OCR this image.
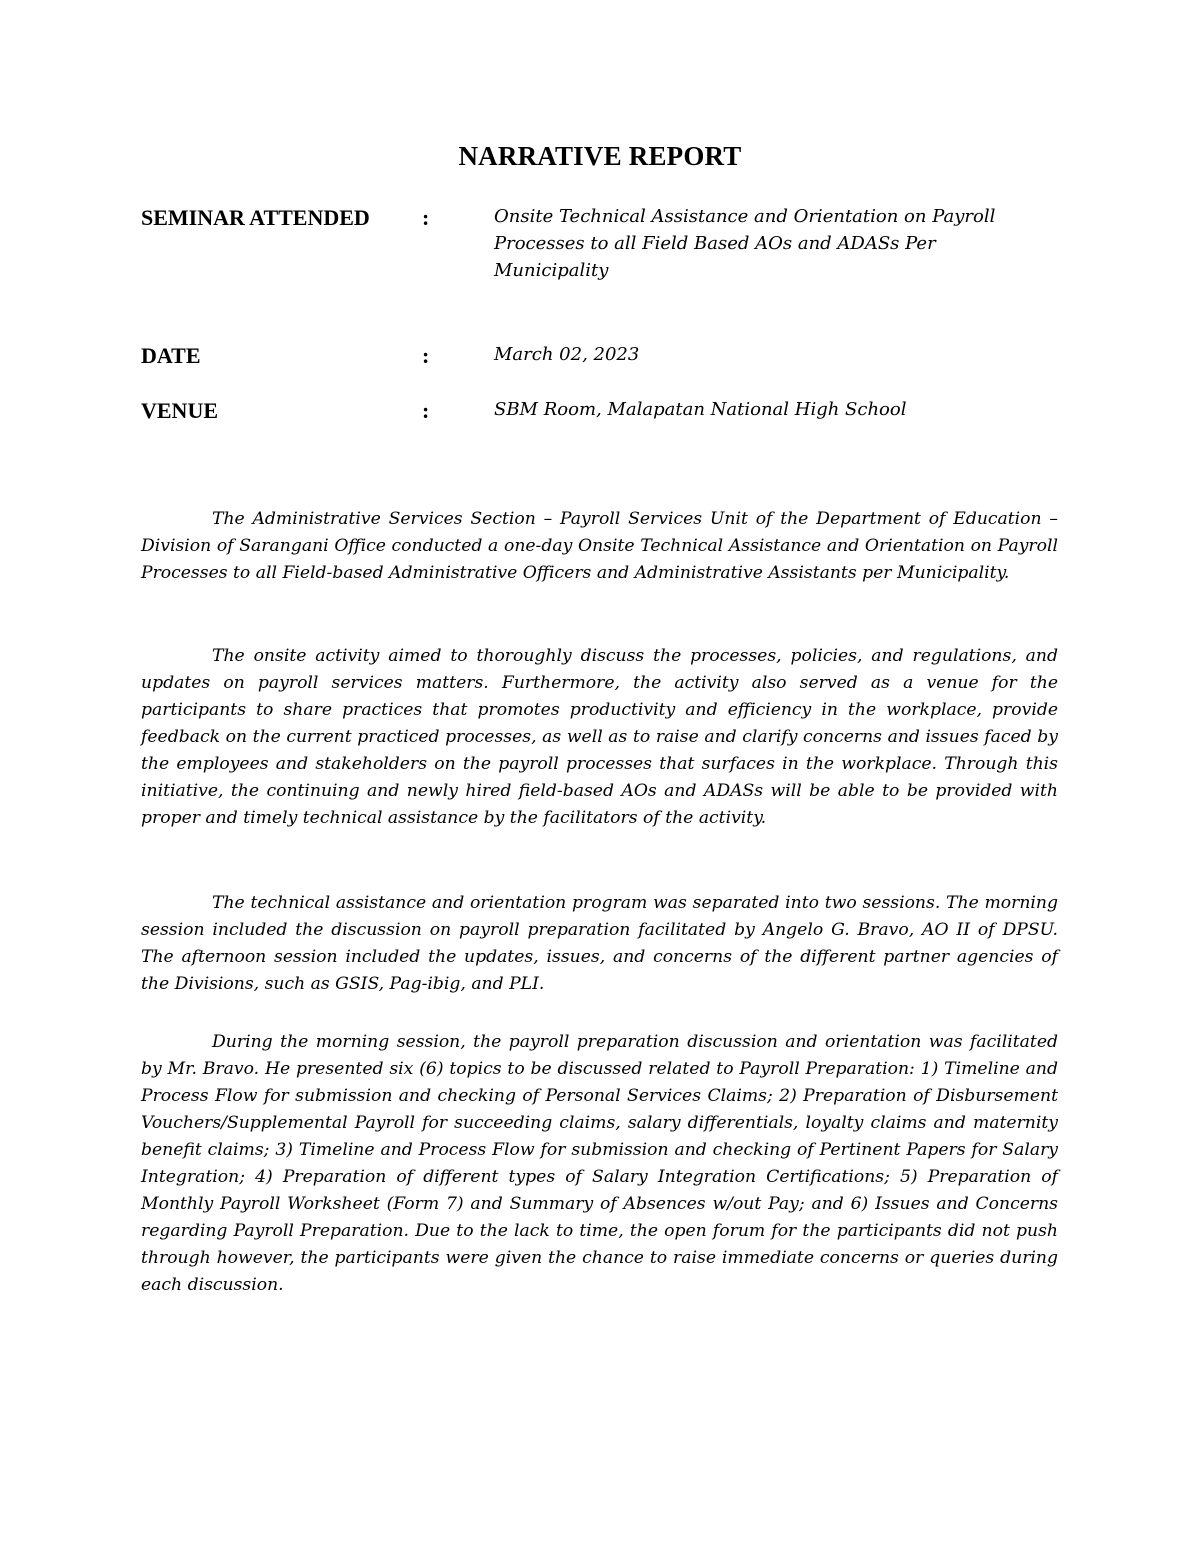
NARRATIVE REPORT
SEMINAR ATTENDED :	Onsite Technical Assistance and Orientation on Payroll Processes to all Field Based AOs and ADASs Per Municipality
DATE	:	March 02, 2023
VENUE	:	SBM Room, Malapatan National High School

The Administrative Services Section – Payroll Services Unit of the Department of Education – Division of Sarangani Office conducted a one-day Onsite Technical Assistance and Orientation on Payroll Processes to all Field-based Administrative Officers and Administrative Assistants per Municipality.

The onsite activity aimed to thoroughly discuss the processes, policies, and regulations, and updates on payroll services matters. Furthermore, the activity also served as a venue for the participants to share practices that promotes productivity and efficiency in the workplace, provide feedback on the current practiced processes, as well as to raise and clarify concerns and issues faced by the employees and stakeholders on the payroll processes that surfaces in the workplace. Through this initiative, the continuing and newly hired field-based AOs and ADASs will be able to be provided with proper and timely technical assistance by the facilitators of the activity.

The technical assistance and orientation program was separated into two sessions. The morning session included the discussion on payroll preparation facilitated by Angelo G. Bravo, AO II of DPSU. The afternoon session included the updates, issues, and concerns of the different partner agencies of the Divisions, such as GSIS, Pag-ibig, and PLI.

During the morning session, the payroll preparation discussion and orientation was facilitated by Mr. Bravo. He presented six (6) topics to be discussed related to Payroll Preparation: 1) Timeline and Process Flow for submission and checking of Personal Services Claims; 2) Preparation of Disbursement Vouchers/Supplemental Payroll for succeeding claims, salary differentials, loyalty claims and maternity benefit claims; 3) Timeline and Process Flow for submission and checking of Pertinent Papers for Salary Integration; 4) Preparation of different types of Salary Integration Certifications; 5) Preparation of Monthly Payroll Worksheet (Form 7) and Summary of Absences w/out Pay; and 6) Issues and Concerns regarding Payroll Preparation. Due to the lack to time, the open forum for the participants did not push through however, the participants were given the chance to raise immediate concerns or queries during each discussion.
